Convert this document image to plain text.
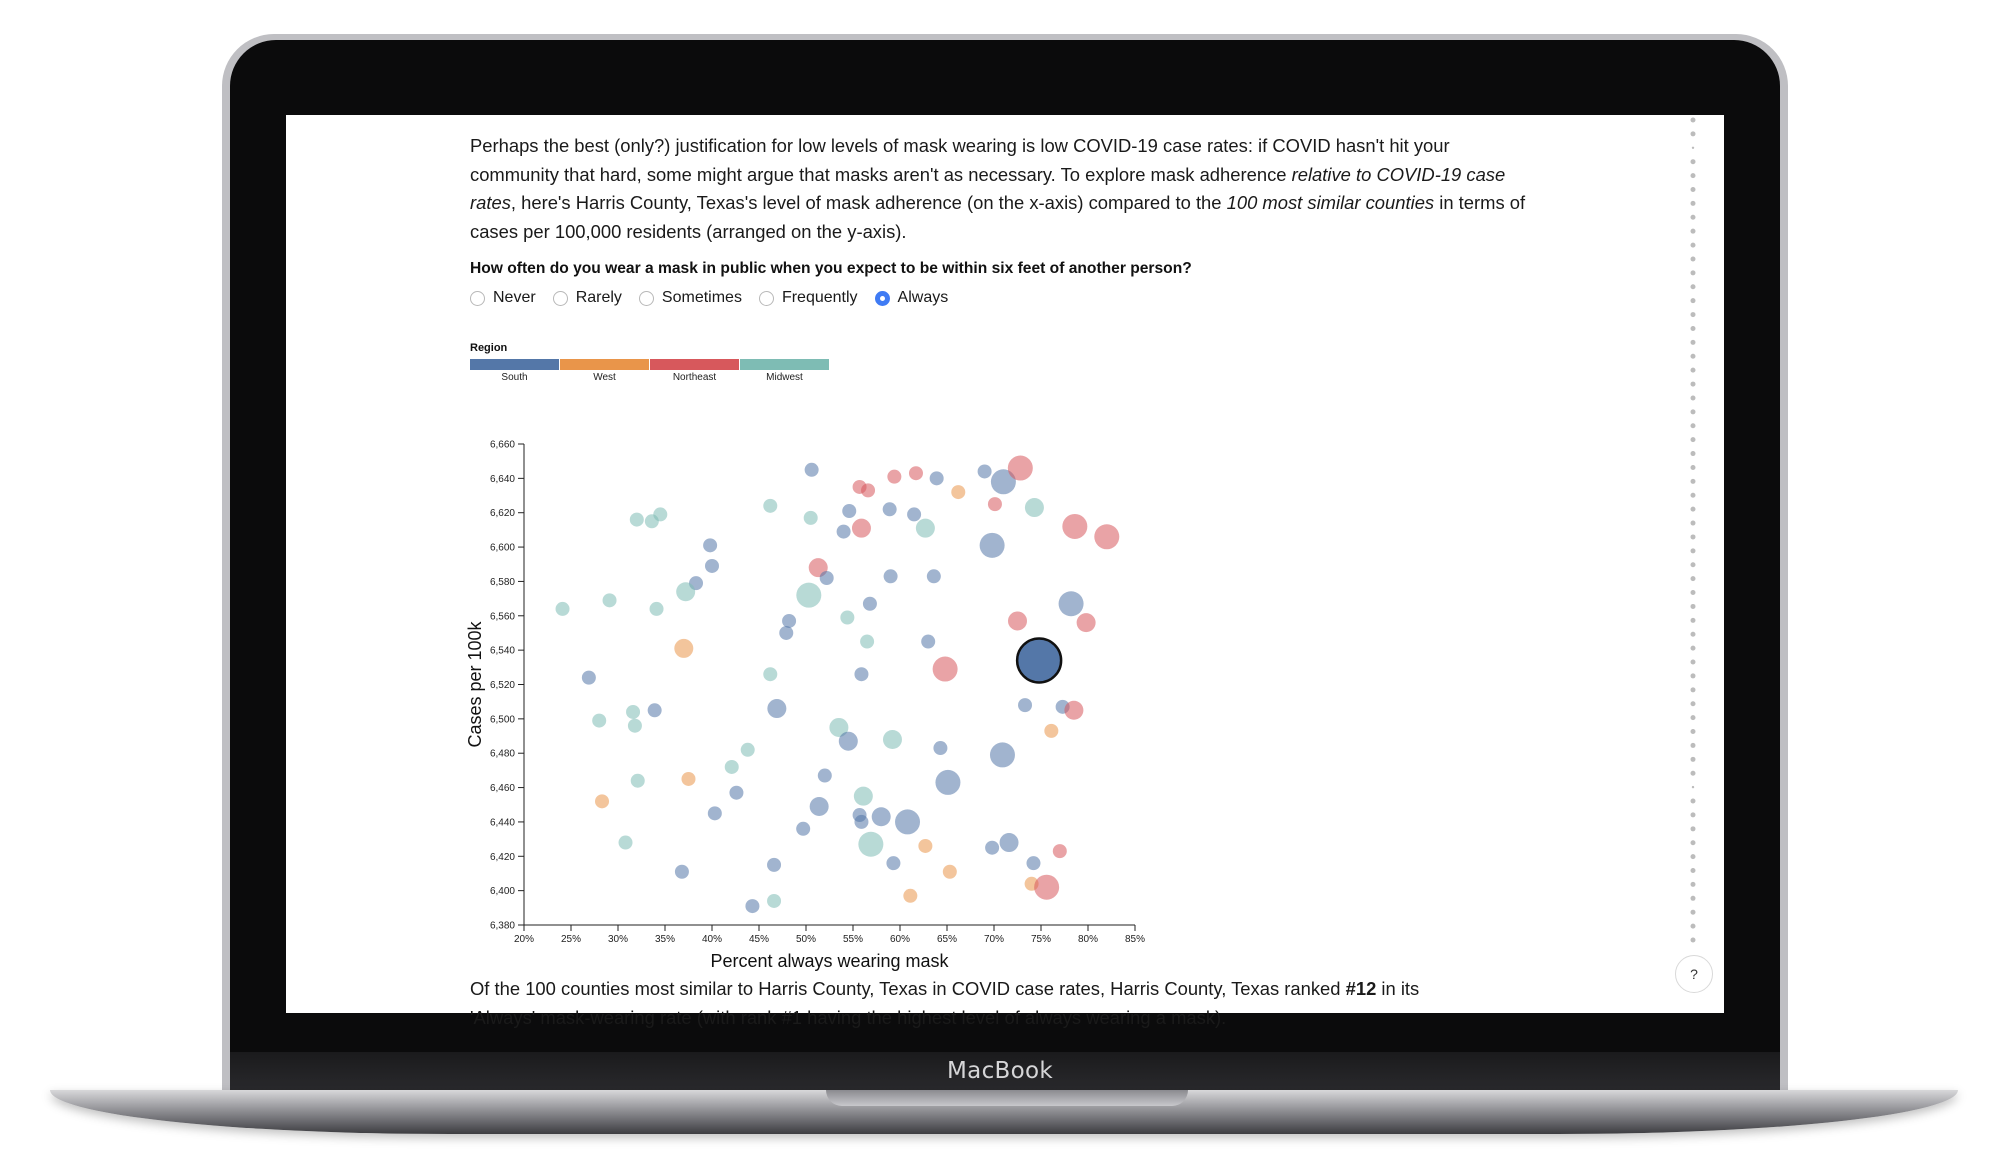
MacBook

Perhaps the best (only?) justification for low levels of mask wearing is low COVID-19 case rates: if COVID hasn't hit your community that hard, some might argue that masks aren't as necessary. To explore mask adherence relative to COVID-19 case rates, here's Harris County, Texas's level of mask adherence (on the x-axis) compared to the 100 most similar counties in terms of cases per 100,000 residents (arranged on the y-axis).

How often do you wear a mask in public when you expect to be within six feet of another person?
Never	Rarely	Sometimes	Frequently	Always
Region
South	West	Northeast	Midwest
6,380
6,400
6,420
6,440
6,460
6,480
6,500
6,520
6,540
6,560
6,580
6,600
6,620
6,640
6,660
20%	25%	30%	35%	40%	45%	50%	55%	60%	65%	70%	75%	80%	85%
Percent always wearing mask
Cases per 100k
Of the 100 counties most similar to Harris County, Texas in COVID case rates, Harris County, Texas ranked #12 in its
'Always' mask-wearing rate (with rank #1 having the highest level of always wearing a mask).
?
